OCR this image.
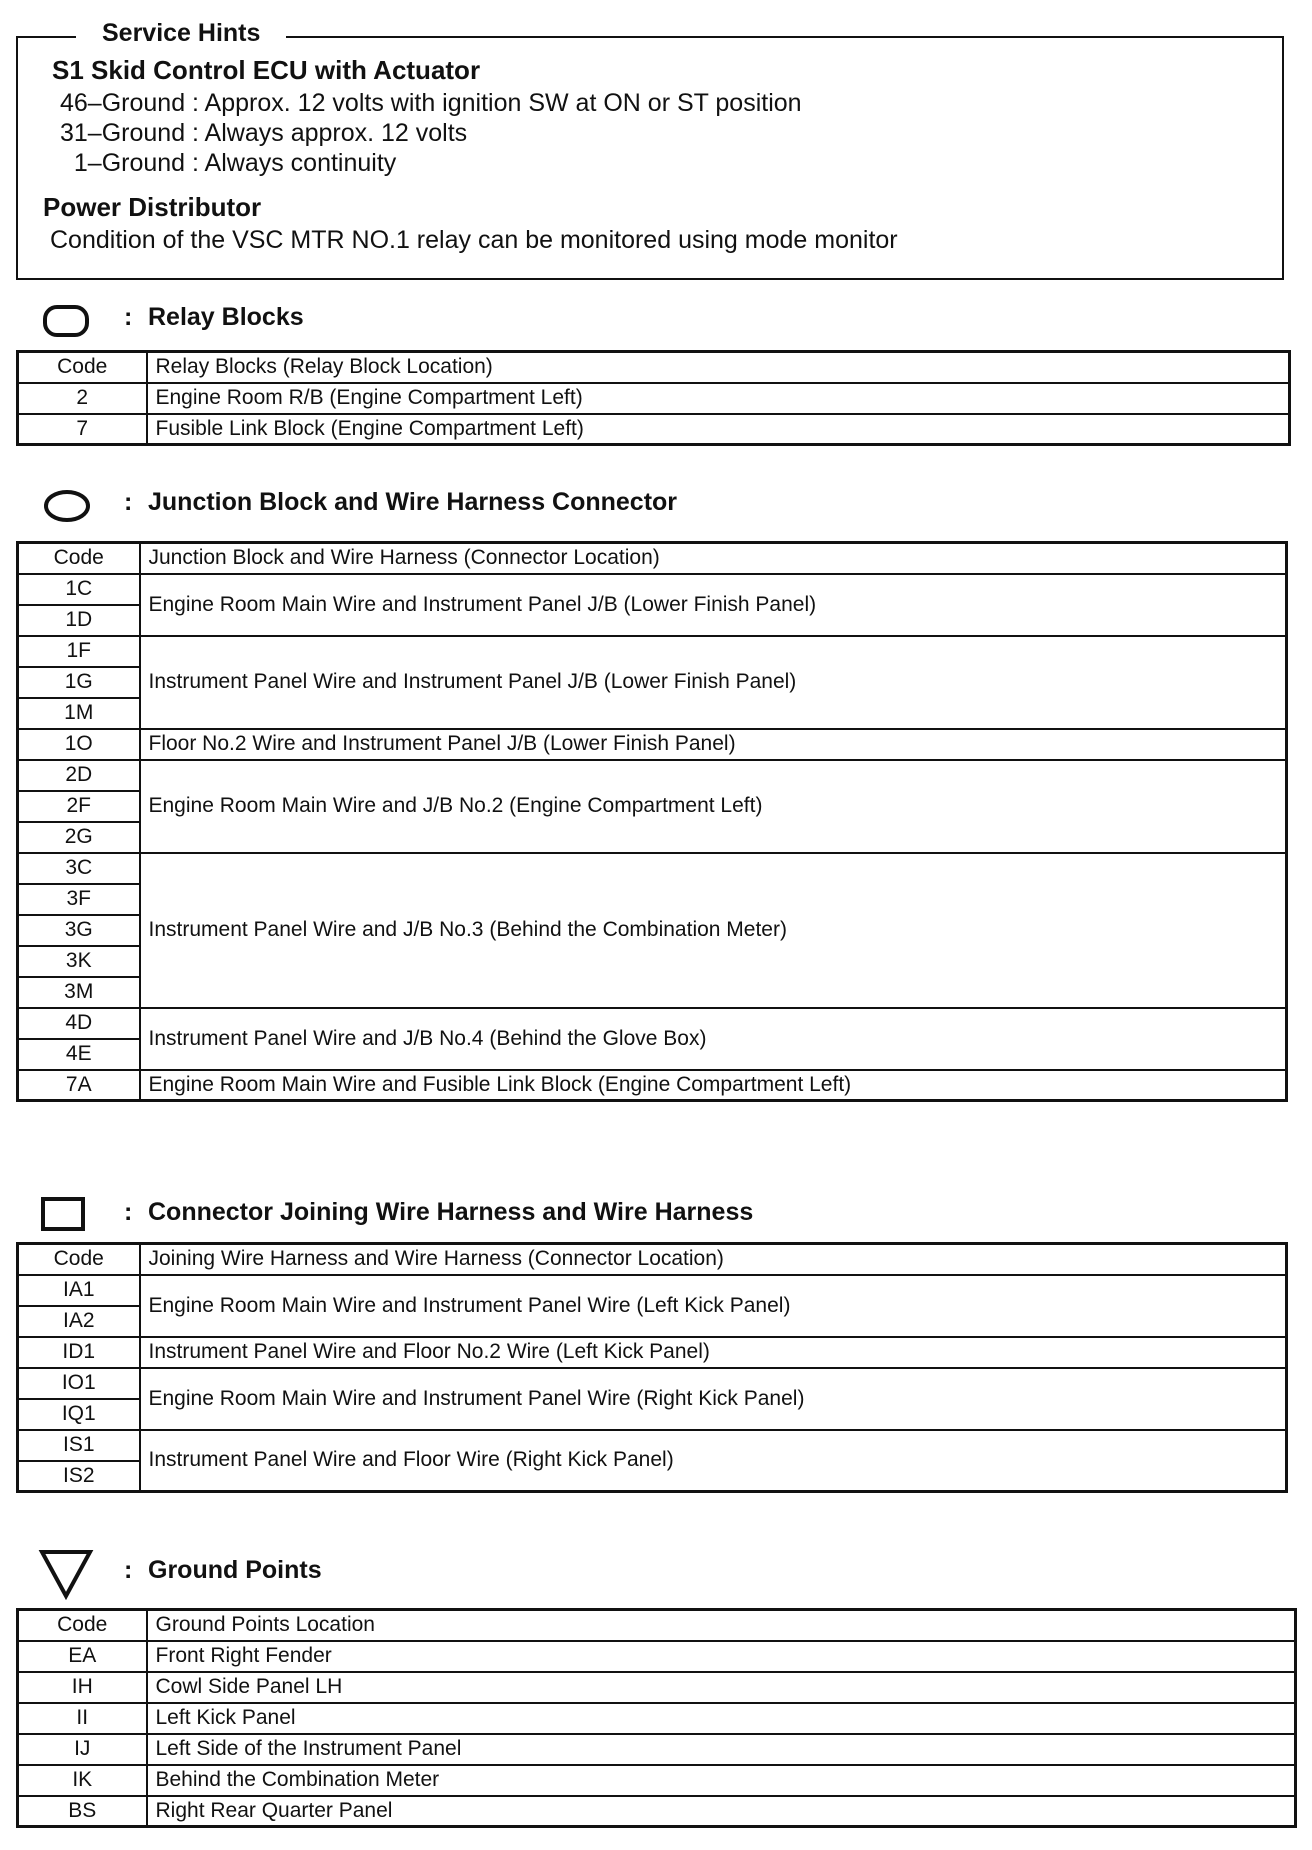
Service Hints
S1 Skid Control ECU with Actuator
46–Ground : Approx. 12 volts with ignition SW at ON or ST position
31–Ground : Always approx. 12 volts
1–Ground : Always continuity
Power Distributor
Condition of the VSC MTR NO.1 relay can be monitored using mode monitor
: Relay Blocks
Code	Relay Blocks (Relay Block Location)
2	Engine Room R/B (Engine Compartment Left)
7	Fusible Link Block (Engine Compartment Left)
: Junction Block and Wire Harness Connector
Code	Junction Block and Wire Harness (Connector Location)
1C	Engine Room Main Wire and Instrument Panel J/B (Lower Finish Panel)
1D	
1F	Instrument Panel Wire and Instrument Panel J/B (Lower Finish Panel)
1G	
1M	
1O	Floor No.2 Wire and Instrument Panel J/B (Lower Finish Panel)
2D	Engine Room Main Wire and J/B No.2 (Engine Compartment Left)
2F	
2G	
3C	Instrument Panel Wire and J/B No.3 (Behind the Combination Meter)
3F	
3G	
3K	
3M	
4D	Instrument Panel Wire and J/B No.4 (Behind the Glove Box)
4E	
7A	Engine Room Main Wire and Fusible Link Block (Engine Compartment Left)
: Connector Joining Wire Harness and Wire Harness
Code	Joining Wire Harness and Wire Harness (Connector Location)
IA1	Engine Room Main Wire and Instrument Panel Wire (Left Kick Panel)
IA2	
ID1	Instrument Panel Wire and Floor No.2 Wire (Left Kick Panel)
IO1	Engine Room Main Wire and Instrument Panel Wire (Right Kick Panel)
IQ1	
IS1	Instrument Panel Wire and Floor Wire (Right Kick Panel)
IS2	
: Ground Points
Code	Ground Points Location
EA	Front Right Fender
IH	Cowl Side Panel LH
II	Left Kick Panel
IJ	Left Side of the Instrument Panel
IK	Behind the Combination Meter
BS	Right Rear Quarter Panel
